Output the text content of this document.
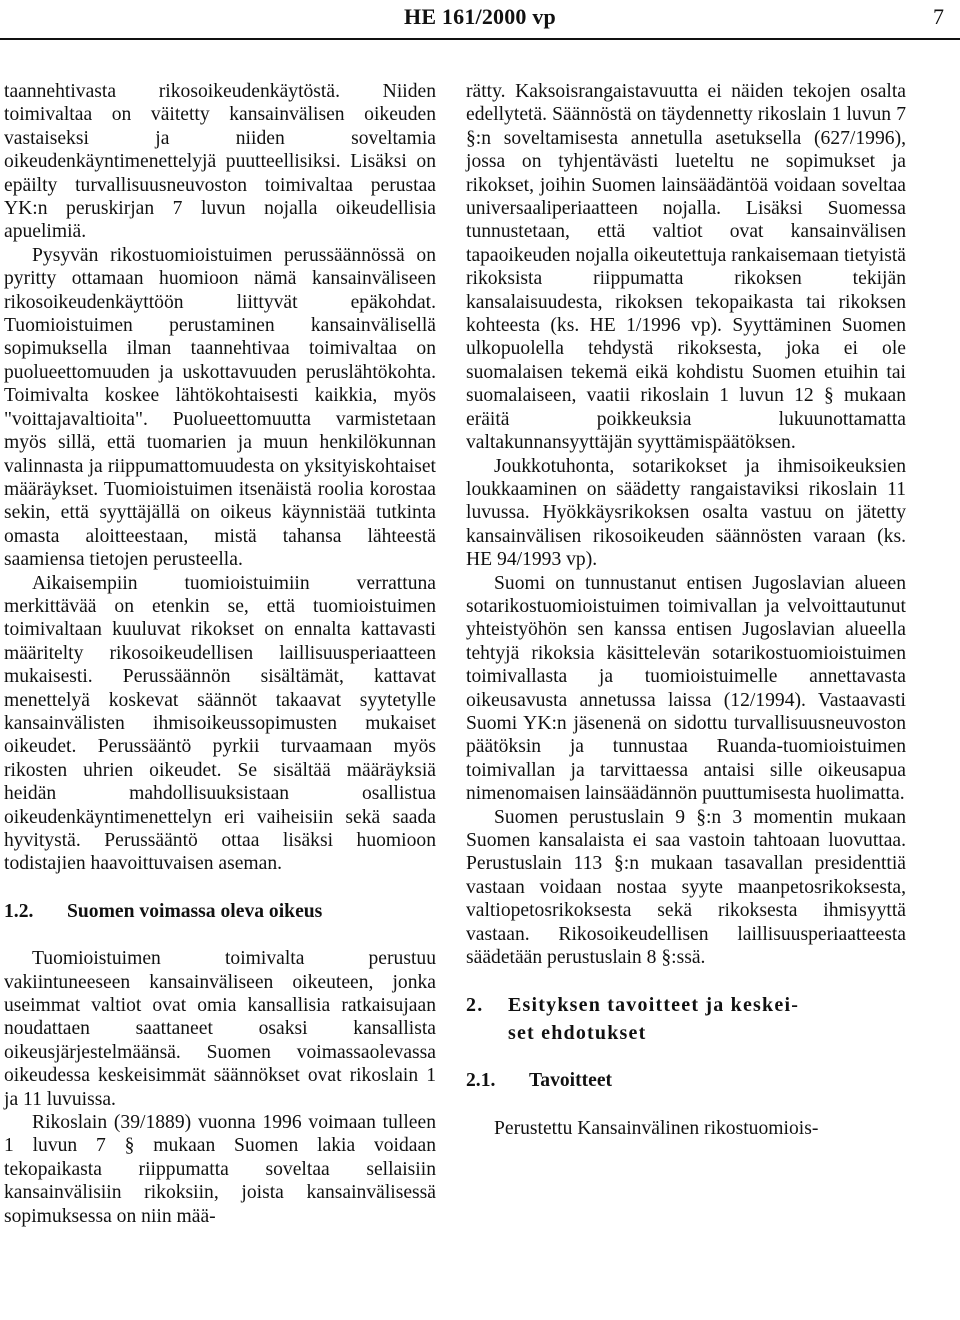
HE 161/2000 vp	7

taannehtivasta rikosoikeudenkäytöstä. Niiden toimivaltaa on väitetty kansainvälisen oikeuden vastaiseksi ja niiden soveltamia oikeudenkäyntimenettelyjä puutteellisiksi. Lisäksi on epäilty turvallisuusneuvoston toimivaltaa perustaa YK:n peruskirjan 7 luvun nojalla oikeudellisia apuelimiä.

Pysyvän rikostuomioistuimen perussäännössä on pyritty ottamaan huomioon nämä kansainväliseen rikosoikeudenkäyttöön liittyvät epäkohdat. Tuomioistuimen perustaminen kansainvälisellä sopimuksella ilman taannehtivaa toimivaltaa on puolueettomuuden ja uskottavuuden peruslähtökohta. Toimivalta koskee lähtökohtaisesti kaikkia, myös "voittajavaltioita". Puolueettomuutta varmistetaan myös sillä, että tuomarien ja muun henkilökunnan valinnasta ja riippumattomuudesta on yksityiskohtaiset määräykset. Tuomioistuimen itsenäistä roolia korostaa sekin, että syyttäjällä on oikeus käynnistää tutkinta omasta aloitteestaan, mistä tahansa lähteestä saamiensa tietojen perusteella.

Aikaisempiin tuomioistuimiin verrattuna merkittävää on etenkin se, että tuomioistuimen toimivaltaan kuuluvat rikokset on ennalta kattavasti määritelty rikosoikeudellisen laillisuusperiaatteen mukaisesti. Perussäännön sisältämät, kattavat menettelyä koskevat säännöt takaavat syytetylle kansainvälisten ihmisoikeussopimusten mukaiset oikeudet. Perussääntö pyrkii turvaamaan myös rikosten uhrien oikeudet. Se sisältää määräyksiä heidän mahdollisuuksistaan osallistua oikeudenkäyntimenettelyn eri vaiheisiin sekä saada hyvitystä. Perussääntö ottaa lisäksi huomioon todistajien haavoittuvaisen aseman.

1.2. Suomen voimassa oleva oikeus

Tuomioistuimen toimivalta perustuu vakiintuneeseen kansainväliseen oikeuteen, jonka useimmat valtiot ovat omia kansallisia ratkaisujaan noudattaen saattaneet osaksi kansallista oikeusjärjestelmäänsä. Suomen voimassaolevassa oikeudessa keskeisimmät säännökset ovat rikoslain 1 ja 11 luvuissa.

Rikoslain (39/1889) vuonna 1996 voimaan tulleen 1 luvun 7 § mukaan Suomen lakia voidaan tekopaikasta riippumatta soveltaa sellaisiin kansainvälisiin rikoksiin, joista kansainvälisessä sopimuksessa on niin mää-

rätty. Kaksoisrangaistavuutta ei näiden tekojen osalta edellytetä. Säännöstä on täydennetty rikoslain 1 luvun 7 §:n soveltamisesta annetulla asetuksella (627/1996), jossa on tyhjentävästi lueteltu ne sopimukset ja rikokset, joihin Suomen lainsäädäntöä voidaan soveltaa universaaliperiaatteen nojalla. Lisäksi Suomessa tunnustetaan, että valtiot ovat kansainvälisen tapaoikeuden nojalla oikeutettuja rankaisemaan tietyistä rikoksista riippumatta rikoksen tekijän kansalaisuudesta, rikoksen tekopaikasta tai rikoksen kohteesta (ks. HE 1/1996 vp). Syyttäminen Suomen ulkopuolella tehdystä rikoksesta, joka ei ole suomalaisen tekemä eikä kohdistu Suomen etuihin tai suomalaiseen, vaatii rikoslain 1 luvun 12 § mukaan eräitä poikkeuksia lukuunottamatta valtakunnansyyttäjän syyttämispäätöksen.

Joukkotuhonta, sotarikokset ja ihmisoikeuksien loukkaaminen on säädetty rangaistaviksi rikoslain 11 luvussa. Hyökkäysrikoksen osalta vastuu on jätetty kansainvälisen rikosoikeuden säännösten varaan (ks. HE 94/1993 vp).

Suomi on tunnustanut entisen Jugoslavian alueen sotarikostuomioistuimen toimivallan ja velvoittautunut yhteistyöhön sen kanssa entisen Jugoslavian alueella tehtyjä rikoksia käsittelevän sotarikostuomioistuimen toimivallasta ja tuomioistuimelle annettavasta oikeusavusta annetussa laissa (12/1994). Vastaavasti Suomi YK:n jäsenenä on sidottu turvallisuusneuvoston päätöksin ja tunnustaa Ruanda-tuomioistuimen toimivallan ja tarvittaessa antaisi sille oikeusapua nimenomaisen lainsäädännön puuttumisesta huolimatta.

Suomen perustuslain 9 §:n 3 momentin mukaan Suomen kansalaista ei saa vastoin tahtoaan luovuttaa. Perustuslain 113 §:n mukaan tasavallan presidenttiä vastaan voidaan nostaa syyte maanpetosrikoksesta, valtiopetosrikoksesta sekä rikoksesta ihmisyyttä vastaan. Rikosoikeudellisen laillisuusperiaatteesta säädetään perustuslain 8 §:ssä.

2. Esityksen tavoitteet ja keskei-
set ehdotukset
2.1. Tavoitteet

Perustettu Kansainvälinen rikostuomiois-
